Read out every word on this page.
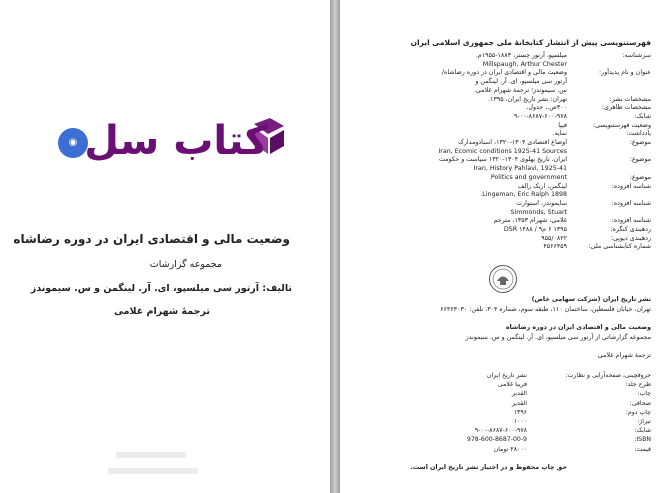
◉	کتاب سل
وضعیت مالی و اقتصادی ایران در دوره رضاشاه
مجموعه گزارشات
تالیف: آرتور سی میلسپو، ای. آر. لینگمن و س. سیموندز
ترجمهٔ شهرام غلامی
فهرستنویسی پیش از انتشار کتابخانهٔ ملی جمهوری اسلامی ایران
سرشناسه:
میلسپو، آرتور چستر، ۱۸۸۳-۱۹۵۵م.
Millspaugh, Arthur Chester
عنوان و نام پدیدآور:
وضعیت مالی و اقتصادی ایران در دوره رضاشاه/
آرتور سی میلسپو، ای. آر. لینگمن و
س. سیموندز؛ ترجمهٔ شهرام غلامی.
مشخصات نشر:
تهران: نشر تاریخ ایران، ۱۳۹۵.
مشخصات ظاهری:
۳۰۰ص.، جدول.
شابک:
۹-۰۰-۸۶۸۷-۶۰۰-۹۷۸
وضعیت فهرستنویسی:
فیپا
یادداشت:
نمایه.
موضوع:
اوضاع اقتصادی ۱۳۰۴-۱۳۲۰، اسنادومدارک
Iran, Ecomic conditions 1925-41 Sources
موضوع:
ایران، تاریخ پهلوی ۱۳۰۴-۱۳۲۰ سیاست و حکومت
Iran, History Pahlavi, 1925-41
موضوع:
Politics and government
شناسه افزوده:
لینگمن، اریک رالف
Lingeman, Eric Ralph 1898.
شناسه افزوده:
سایموندز، استوارت
Simmonds, Stuart
شناسه افزوده:
غلامی، شهرام ۱۳۵۳، مترجم
ردهبندی کنگره:
۱۳۹۵ ۶ م۹ / ۱۴۸۸ DSR
ردهبندی دیویی:
۹۵۵/۰۸۲۲
شماره کتابشناسی ملی:
۴۵۶۶۴۵۹
نشر تاریخ ایران (شرکت سهامی خاص)
تهران، خیابان فلسطین، ساختمان ۱۱۰، طبقه سوم، شماره ۳۰۴، تلفن: ۶۶۴۶۳۰۳۰
وضعیت مالی و اقتصادی ایران در دوره رضاشاه
مجموعه گزارشاتی از آرتور سی میلسپو، ای. آر. لینگمن و س. سیموندز
ترجمهٔ شهرام غلامی
حروفچینی، صفحه‌آرایی و نظارت:
نشر تاریخ ایران
طرح جلد:
فریبا غلامی
چاپ:
القدیر
صحافی:
القدیر
چاپ دوم:
۱۳۹۶
تیراژ:
۱۰۰۰
شابک:
۹-۰۰-۸۶۸۷-۶۰۰-۹۷۸
ISBN:
978-600-8687-00-9
قیمت:
۲۸۰۰۰ تومان
حق چاپ محفوظ و در اختیار نشر تاریخ ایران است.
